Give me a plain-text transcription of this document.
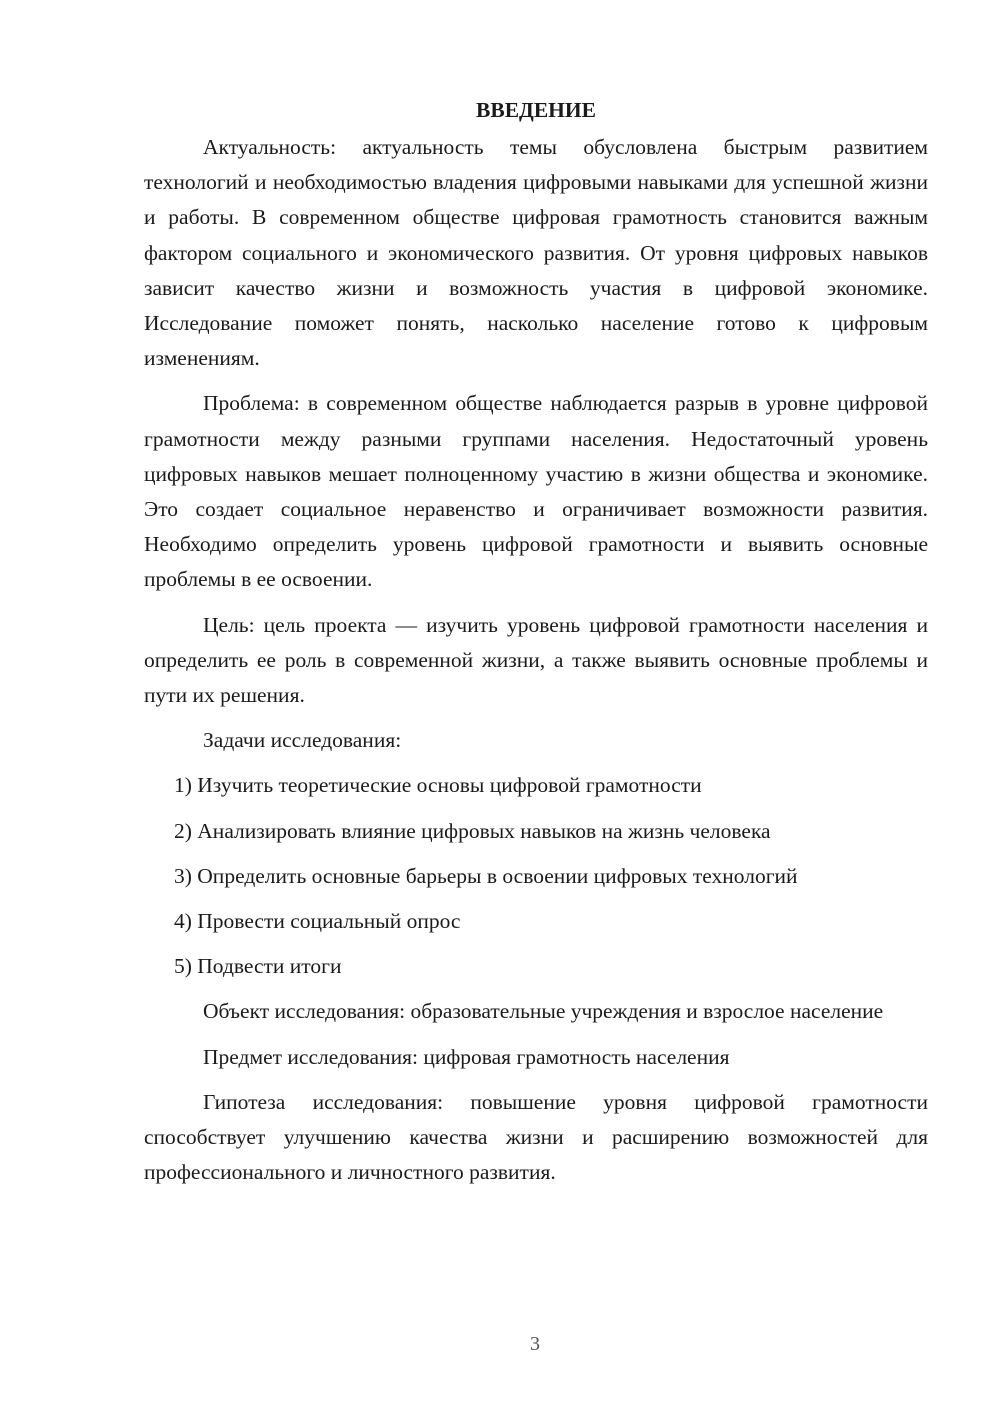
ВВЕДЕНИЕ

Актуальность: актуальность темы обусловлена быстрым развитием технологий и необходимостью владения цифровыми навыками для успешной жизни и работы. В современном обществе цифровая грамотность становится важным фактором социального и экономического развития. От уровня цифровых навыков зависит качество жизни и возможность участия в цифровой экономике. Исследование поможет понять, насколько население готово к цифровым изменениям.

Проблема: в современном обществе наблюдается разрыв в уровне цифровой грамотности между разными группами населения. Недостаточный уровень цифровых навыков мешает полноценному участию в жизни общества и экономике. Это создает социальное неравенство и ограничивает возможности развития. Необходимо определить уровень цифровой грамотности и выявить основные проблемы в ее освоении.

Цель: цель проекта — изучить уровень цифровой грамотности населения и определить ее роль в современной жизни, а также выявить основные проблемы и пути их решения.

Задачи исследования:

1) Изучить теоретические основы цифровой грамотности

2) Анализировать влияние цифровых навыков на жизнь человека

3) Определить основные барьеры в освоении цифровых технологий

4) Провести социальный опрос

5) Подвести итоги

Объект исследования: образовательные учреждения и взрослое население

Предмет исследования: цифровая грамотность населения

Гипотеза исследования: повышение уровня цифровой грамотности способствует улучшению качества жизни и расширению возможностей для профессионального и личностного развития.

3
